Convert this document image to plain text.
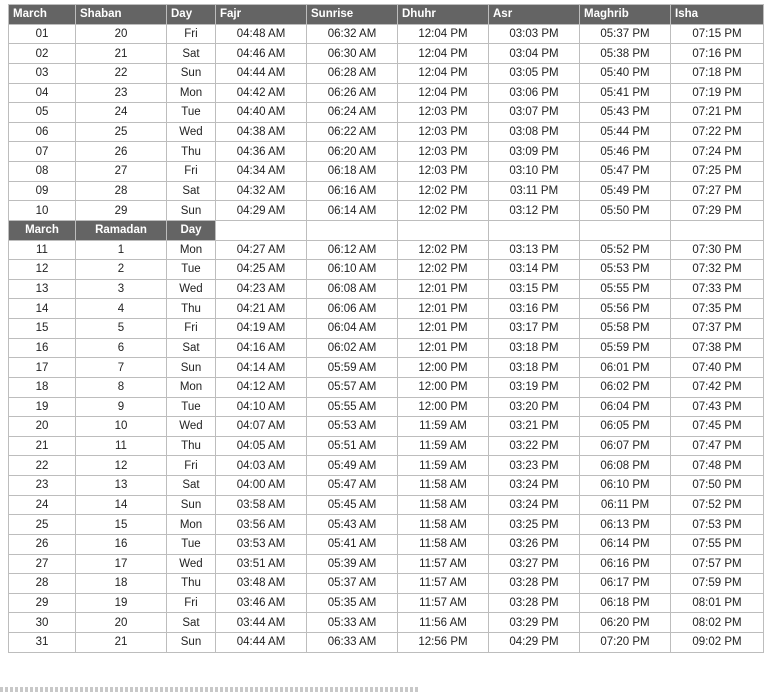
March	Shaban	Day	Fajr	Sunrise	Dhuhr	Asr	Maghrib	Isha
01	20	Fri	04:48 AM	06:32 AM	12:04 PM	03:03 PM	05:37 PM	07:15 PM
02	21	Sat	04:46 AM	06:30 AM	12:04 PM	03:04 PM	05:38 PM	07:16 PM
03	22	Sun	04:44 AM	06:28 AM	12:04 PM	03:05 PM	05:40 PM	07:18 PM
04	23	Mon	04:42 AM	06:26 AM	12:04 PM	03:06 PM	05:41 PM	07:19 PM
05	24	Tue	04:40 AM	06:24 AM	12:03 PM	03:07 PM	05:43 PM	07:21 PM
06	25	Wed	04:38 AM	06:22 AM	12:03 PM	03:08 PM	05:44 PM	07:22 PM
07	26	Thu	04:36 AM	06:20 AM	12:03 PM	03:09 PM	05:46 PM	07:24 PM
08	27	Fri	04:34 AM	06:18 AM	12:03 PM	03:10 PM	05:47 PM	07:25 PM
09	28	Sat	04:32 AM	06:16 AM	12:02 PM	03:11 PM	05:49 PM	07:27 PM
10	29	Sun	04:29 AM	06:14 AM	12:02 PM	03:12 PM	05:50 PM	07:29 PM
March	Ramadan	Day						
11	1	Mon	04:27 AM	06:12 AM	12:02 PM	03:13 PM	05:52 PM	07:30 PM
12	2	Tue	04:25 AM	06:10 AM	12:02 PM	03:14 PM	05:53 PM	07:32 PM
13	3	Wed	04:23 AM	06:08 AM	12:01 PM	03:15 PM	05:55 PM	07:33 PM
14	4	Thu	04:21 AM	06:06 AM	12:01 PM	03:16 PM	05:56 PM	07:35 PM
15	5	Fri	04:19 AM	06:04 AM	12:01 PM	03:17 PM	05:58 PM	07:37 PM
16	6	Sat	04:16 AM	06:02 AM	12:01 PM	03:18 PM	05:59 PM	07:38 PM
17	7	Sun	04:14 AM	05:59 AM	12:00 PM	03:18 PM	06:01 PM	07:40 PM
18	8	Mon	04:12 AM	05:57 AM	12:00 PM	03:19 PM	06:02 PM	07:42 PM
19	9	Tue	04:10 AM	05:55 AM	12:00 PM	03:20 PM	06:04 PM	07:43 PM
20	10	Wed	04:07 AM	05:53 AM	11:59 AM	03:21 PM	06:05 PM	07:45 PM
21	11	Thu	04:05 AM	05:51 AM	11:59 AM	03:22 PM	06:07 PM	07:47 PM
22	12	Fri	04:03 AM	05:49 AM	11:59 AM	03:23 PM	06:08 PM	07:48 PM
23	13	Sat	04:00 AM	05:47 AM	11:58 AM	03:24 PM	06:10 PM	07:50 PM
24	14	Sun	03:58 AM	05:45 AM	11:58 AM	03:24 PM	06:11 PM	07:52 PM
25	15	Mon	03:56 AM	05:43 AM	11:58 AM	03:25 PM	06:13 PM	07:53 PM
26	16	Tue	03:53 AM	05:41 AM	11:58 AM	03:26 PM	06:14 PM	07:55 PM
27	17	Wed	03:51 AM	05:39 AM	11:57 AM	03:27 PM	06:16 PM	07:57 PM
28	18	Thu	03:48 AM	05:37 AM	11:57 AM	03:28 PM	06:17 PM	07:59 PM
29	19	Fri	03:46 AM	05:35 AM	11:57 AM	03:28 PM	06:18 PM	08:01 PM
30	20	Sat	03:44 AM	05:33 AM	11:56 AM	03:29 PM	06:20 PM	08:02 PM
31	21	Sun	04:44 AM	06:33 AM	12:56 PM	04:29 PM	07:20 PM	09:02 PM
